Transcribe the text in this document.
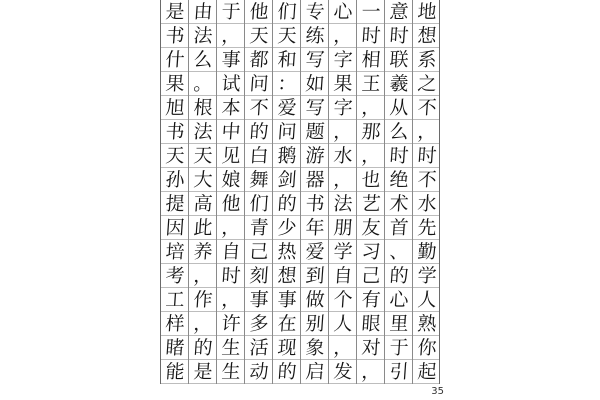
是 由 于 他 们 专 心 一 意 地
书 法 ， 天 天 练 ， 时 时 想
什 么 事 都 和 写 字 相 联 系
果 。 试 问 ： 如 果 王 羲 之
旭 根 本 不 爱 写 字 ， 从 不
书 法 中 的 问 题 ， 那 么 ，
天 天 见 白 鹅 游 水 ， 时 时
孙 大 娘 舞 剑 器 ， 也 绝 不
提 高 他 们 的 书 法 艺 术 水
因 此 ， 青 少 年 朋 友 首 先
培 养 自 己 热 爱 学 习 、 勤
考 ， 时 刻 想 到 自 己 的 学
工 作 ， 事 事 做 个 有 心 人
样 ， 许 多 在 别 人 眼 里 熟
睹 的 生 活 现 象 ， 对 于 你
能 是 生 动 的 启 发 ， 引 起
35
